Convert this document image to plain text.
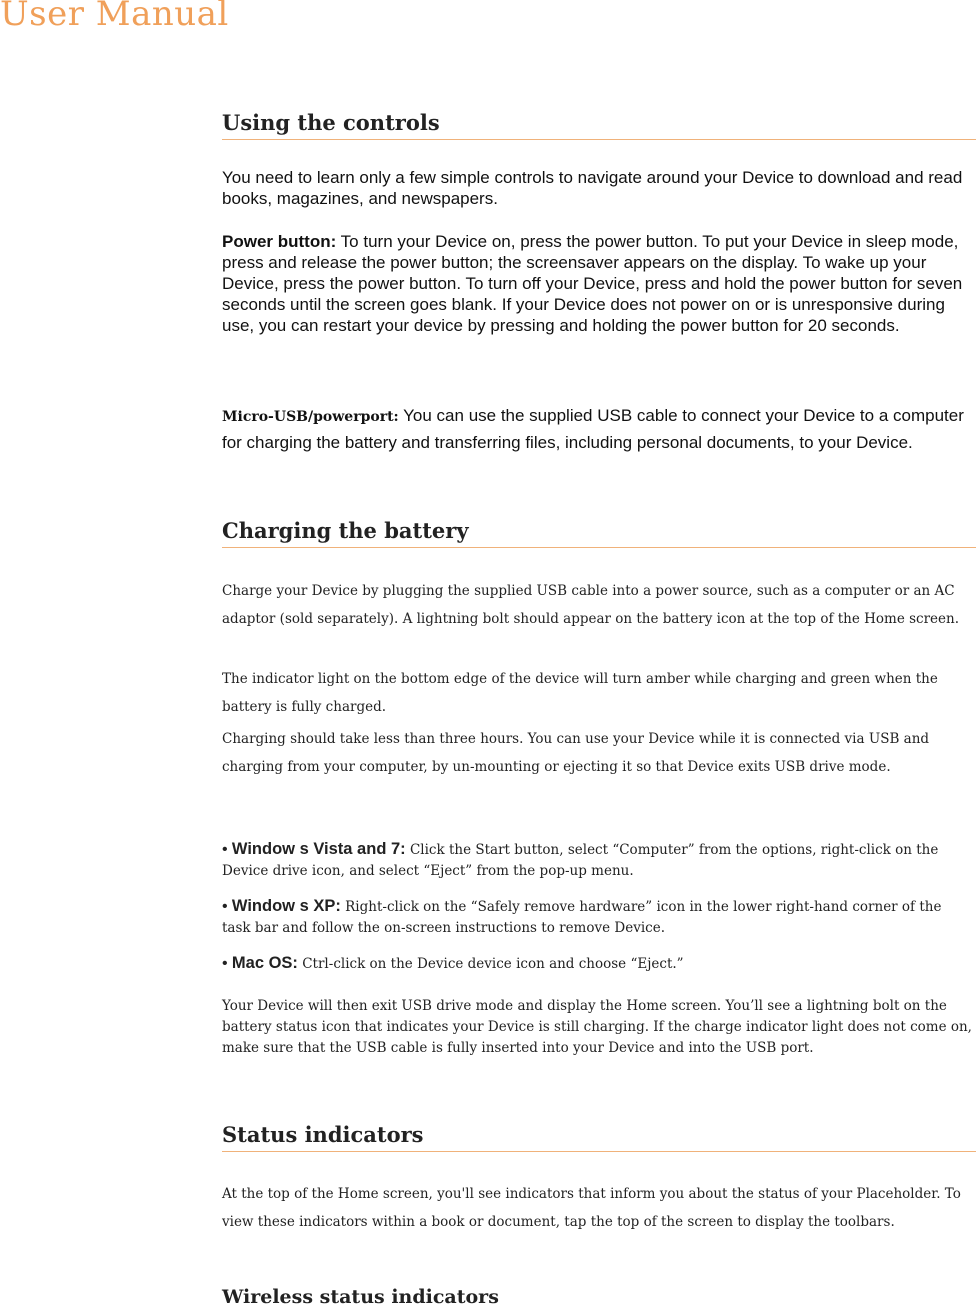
User Manual
Using the controls

You need to learn only a few simple controls to navigate around your Device to download and read books, magazines, and newspapers.

Power button: To turn your Device on, press the power button. To put your Device in sleep mode, press and release the power button; the screensaver appears on the display. To wake up your Device, press the power button. To turn off your Device, press and hold the power button for seven seconds until the screen goes blank. If your Device does not power on or is unresponsive during use, you can restart your device by pressing and holding the power button for 20 seconds.

Micro-USB/powerport: You can use the supplied USB cable to connect your Device to a computer for charging the battery and transferring files, including personal documents, to your Device.

Charging the battery

Charge your Device by plugging the supplied USB cable into a power source, such as a computer or an AC adaptor (sold separately). A lightning bolt should appear on the battery icon at the top of the Home screen.

The indicator light on the bottom edge of the device will turn amber while charging and green when the battery is fully charged.

Charging should take less than three hours. You can use your Device while it is connected via USB and charging from your computer, by un-mounting or ejecting it so that Device exits USB drive mode.

• Window s Vista and 7: Click the Start button, select “Computer” from the options, right-click on the Device drive icon, and select “Eject” from the pop-up menu.

• Window s XP: Right-click on the “Safely remove hardware” icon in the lower right-hand corner of the task bar and follow the on-screen instructions to remove Device.

• Mac OS: Ctrl-click on the Device device icon and choose “Eject.”

Your Device will then exit USB drive mode and display the Home screen. You’ll see a lightning bolt on the battery status icon that indicates your Device is still charging. If the charge indicator light does not come on, make sure that the USB cable is fully inserted into your Device and into the USB port.

Status indicators

At the top of the Home screen, you'll see indicators that inform you about the status of your Placeholder. To view these indicators within a book or document, tap the top of the screen to display the toolbars.

Wireless status indicators
